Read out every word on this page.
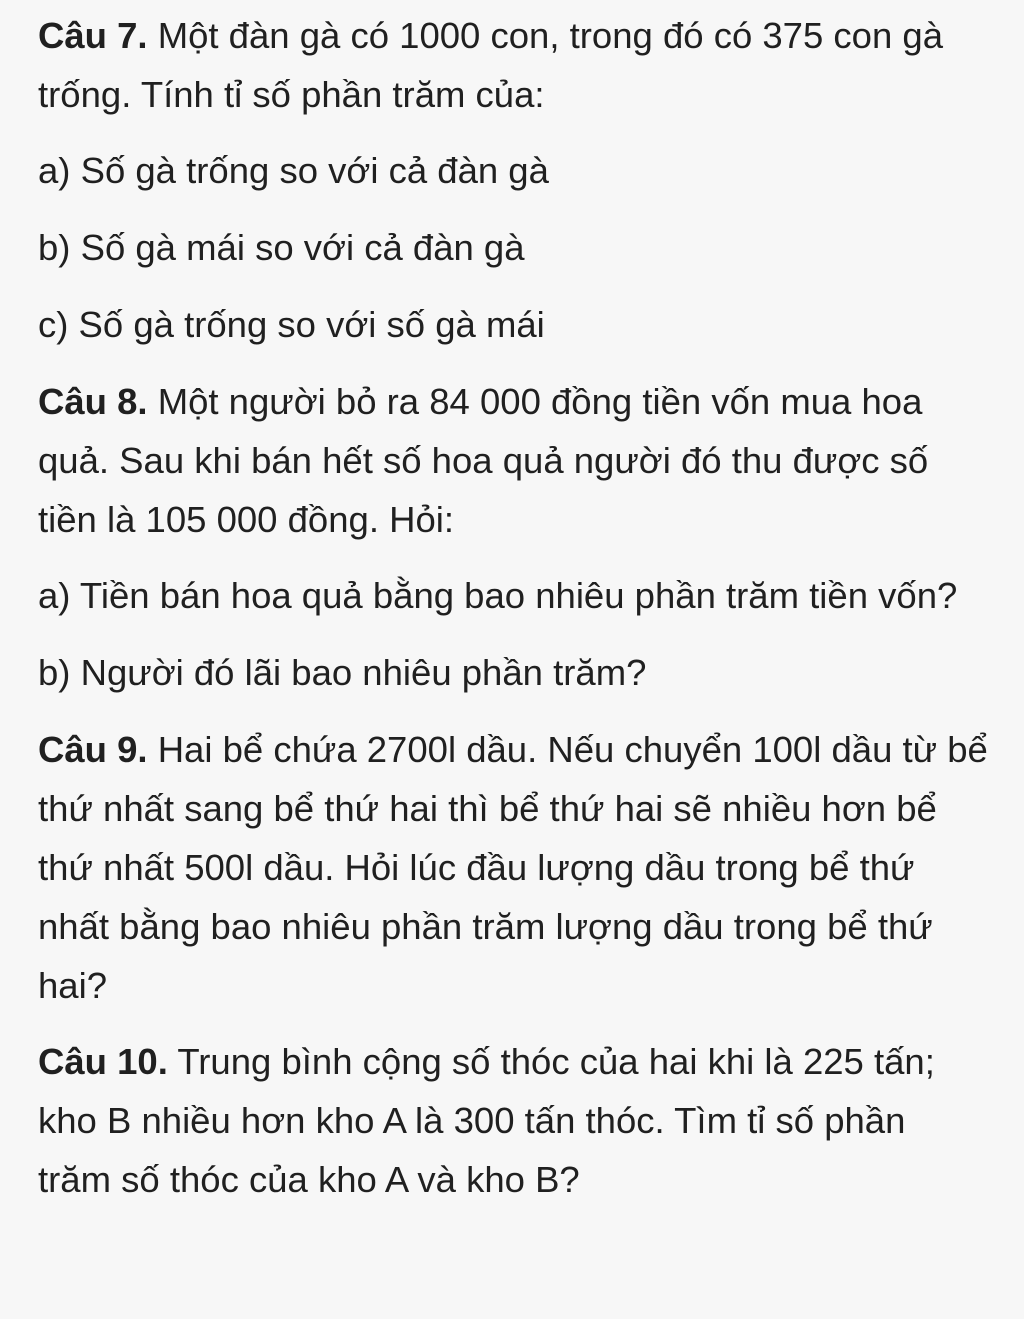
Câu 7. Một đàn gà có 1000 con, trong đó có 375 con gà trống. Tính tỉ số phần trăm của:

a) Số gà trống so với cả đàn gà

b) Số gà mái so với cả đàn gà

c) Số gà trống so với số gà mái

Câu 8. Một người bỏ ra 84 000 đồng tiền vốn mua hoa quả. Sau khi bán hết số hoa quả người đó thu được số tiền là 105 000 đồng. Hỏi:

a) Tiền bán hoa quả bằng bao nhiêu phần trăm tiền vốn?

b) Người đó lãi bao nhiêu phần trăm?

Câu 9. Hai bể chứa 2700l dầu. Nếu chuyển 100l dầu từ bể thứ nhất sang bể thứ hai thì bể thứ hai sẽ nhiều hơn bể thứ nhất 500l dầu. Hỏi lúc đầu lượng dầu trong bể thứ nhất bằng bao nhiêu phần trăm lượng dầu trong bể thứ hai?

Câu 10. Trung bình cộng số thóc của hai khi là 225 tấn; kho B nhiều hơn kho A là 300 tấn thóc. Tìm tỉ số phần trăm số thóc của kho A và kho B?
